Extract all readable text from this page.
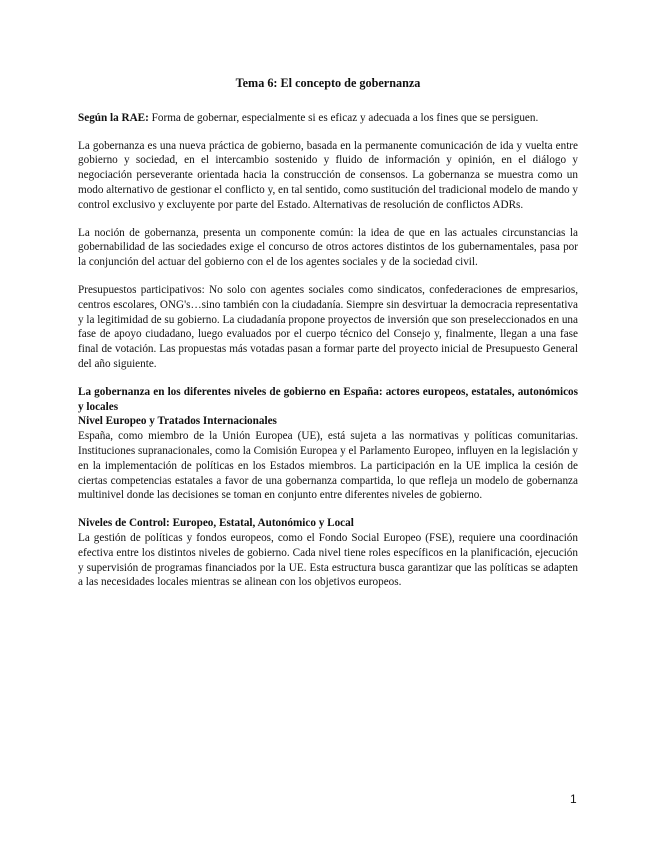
Tema 6: El concepto de gobernanza

Según la RAE: Forma de gobernar, especialmente si es eficaz y adecuada a los fines que se persiguen.

La gobernanza es una nueva práctica de gobierno, basada en la permanente comunicación de ida y vuelta entre gobierno y sociedad, en el intercambio sostenido y fluido de información y opinión, en el diálogo y negociación perseverante orientada hacia la construcción de consensos. La gobernanza se muestra como un modo alternativo de gestionar el conflicto y, en tal sentido, como sustitución del tradicional modelo de mando y control exclusivo y excluyente por parte del Estado. Alternativas de resolución de conflictos ADRs.

La noción de gobernanza, presenta un componente común: la idea de que en las actuales circunstancias la gobernabilidad de las sociedades exige el concurso de otros actores distintos de los gubernamentales, pasa por la conjunción del actuar del gobierno con el de los agentes sociales y de la sociedad civil.

Presupuestos participativos: No solo con agentes sociales como sindicatos, confederaciones de empresarios, centros escolares, ONG's…sino también con la ciudadanía. Siempre sin desvirtuar la democracia representativa y la legitimidad de su gobierno. La ciudadanía propone proyectos de inversión que son preseleccionados en una fase de apoyo ciudadano, luego evaluados por el cuerpo técnico del Consejo y, finalmente, llegan a una fase final de votación. Las propuestas más votadas pasan a formar parte del proyecto inicial de Presupuesto General del año siguiente.

La gobernanza en los diferentes niveles de gobierno en España: actores europeos, estatales, autonómicos y locales

Nivel Europeo y Tratados Internacionales

España, como miembro de la Unión Europea (UE), está sujeta a las normativas y políticas comunitarias. Instituciones supranacionales, como la Comisión Europea y el Parlamento Europeo, influyen en la legislación y en la implementación de políticas en los Estados miembros. La participación en la UE implica la cesión de ciertas competencias estatales a favor de una gobernanza compartida, lo que refleja un modelo de gobernanza multinivel donde las decisiones se toman en conjunto entre diferentes niveles de gobierno.

Niveles de Control: Europeo, Estatal, Autonómico y Local

La gestión de políticas y fondos europeos, como el Fondo Social Europeo (FSE), requiere una coordinación efectiva entre los distintos niveles de gobierno. Cada nivel tiene roles específicos en la planificación, ejecución y supervisión de programas financiados por la UE. Esta estructura busca garantizar que las políticas se adapten a las necesidades locales mientras se alinean con los objetivos europeos.

1
